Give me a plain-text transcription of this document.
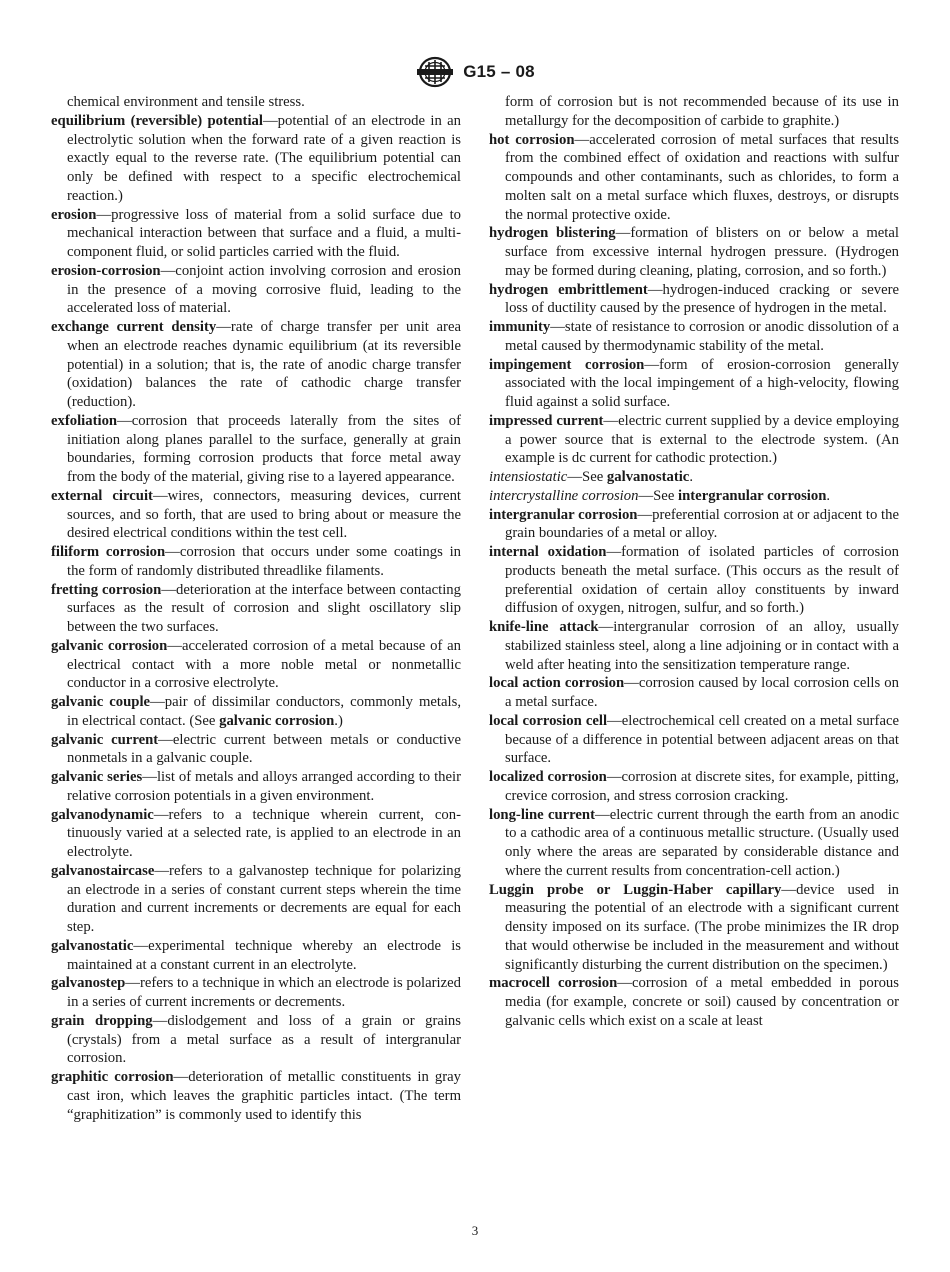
G15 – 08

chemical environment and tensile stress.

equilibrium (reversible) potential—potential of an electrode in an electrolytic solution when the forward rate of a given reaction is exactly equal to the reverse rate. (The equilibrium potential can only be defined with respect to a specific electrochemical reaction.)

erosion—progressive loss of material from a solid surface due to mechanical interaction between that surface and a fluid, a multi-component fluid, or solid particles carried with the fluid.

erosion-corrosion—conjoint action involving corrosion and erosion in the presence of a moving corrosive fluid, leading to the accelerated loss of material.

exchange current density—rate of charge transfer per unit area when an electrode reaches dynamic equilibrium (at its reversible potential) in a solution; that is, the rate of anodic charge transfer (oxidation) balances the rate of cathodic charge transfer (reduction).

exfoliation—corrosion that proceeds laterally from the sites of initiation along planes parallel to the surface, generally at grain boundaries, forming corrosion products that force metal away from the body of the material, giving rise to a layered appearance.

external circuit—wires, connectors, measuring devices, current sources, and so forth, that are used to bring about or measure the desired electrical conditions within the test cell.

filiform corrosion—corrosion that occurs under some coatings in the form of randomly distributed threadlike filaments.

fretting corrosion—deterioration at the interface between contacting surfaces as the result of corrosion and slight oscillatory slip between the two surfaces.

galvanic corrosion—accelerated corrosion of a metal because of an electrical contact with a more noble metal or nonmetallic conductor in a corrosive electrolyte.

galvanic couple—pair of dissimilar conductors, commonly metals, in electrical contact. (See galvanic corrosion.)

galvanic current—electric current between metals or conductive nonmetals in a galvanic couple.

galvanic series—list of metals and alloys arranged according to their relative corrosion potentials in a given environment.

galvanodynamic—refers to a technique wherein current, continuously varied at a selected rate, is applied to an electrode in an electrolyte.

galvanostaircase—refers to a galvanostep technique for polarizing an electrode in a series of constant current steps wherein the time duration and current increments or decrements are equal for each step.

galvanostatic—experimental technique whereby an electrode is maintained at a constant current in an electrolyte.

galvanostep—refers to a technique in which an electrode is polarized in a series of current increments or decrements.

grain dropping—dislodgement and loss of a grain or grains (crystals) from a metal surface as a result of intergranular corrosion.

graphitic corrosion—deterioration of metallic constituents in gray cast iron, which leaves the graphitic particles intact. (The term “graphitization” is commonly used to identify this

form of corrosion but is not recommended because of its use in metallurgy for the decomposition of carbide to graphite.)

hot corrosion—accelerated corrosion of metal surfaces that results from the combined effect of oxidation and reactions with sulfur compounds and other contaminants, such as chlorides, to form a molten salt on a metal surface which fluxes, destroys, or disrupts the normal protective oxide.

hydrogen blistering—formation of blisters on or below a metal surface from excessive internal hydrogen pressure. (Hydrogen may be formed during cleaning, plating, corrosion, and so forth.)

hydrogen embrittlement—hydrogen-induced cracking or severe loss of ductility caused by the presence of hydrogen in the metal.

immunity—state of resistance to corrosion or anodic dissolution of a metal caused by thermodynamic stability of the metal.

impingement corrosion—form of erosion-corrosion generally associated with the local impingement of a high-velocity, flowing fluid against a solid surface.

impressed current—electric current supplied by a device employing a power source that is external to the electrode system. (An example is dc current for cathodic protection.)

intensiostatic—See galvanostatic.

intercrystalline corrosion—See intergranular corrosion.

intergranular corrosion—preferential corrosion at or adjacent to the grain boundaries of a metal or alloy.

internal oxidation—formation of isolated particles of corrosion products beneath the metal surface. (This occurs as the result of preferential oxidation of certain alloy constituents by inward diffusion of oxygen, nitrogen, sulfur, and so forth.)

knife-line attack—intergranular corrosion of an alloy, usually stabilized stainless steel, along a line adjoining or in contact with a weld after heating into the sensitization temperature range.

local action corrosion—corrosion caused by local corrosion cells on a metal surface.

local corrosion cell—electrochemical cell created on a metal surface because of a difference in potential between adjacent areas on that surface.

localized corrosion—corrosion at discrete sites, for example, pitting, crevice corrosion, and stress corrosion cracking.

long-line current—electric current through the earth from an anodic to a cathodic area of a continuous metallic structure. (Usually used only where the areas are separated by considerable distance and where the current results from concentration-cell action.)

Luggin probe or Luggin-Haber capillary—device used in measuring the potential of an electrode with a significant current density imposed on its surface. (The probe minimizes the IR drop that would otherwise be included in the measurement and without significantly disturbing the current distribution on the specimen.)

macrocell corrosion—corrosion of a metal embedded in porous media (for example, concrete or soil) caused by concentration or galvanic cells which exist on a scale at least

3
